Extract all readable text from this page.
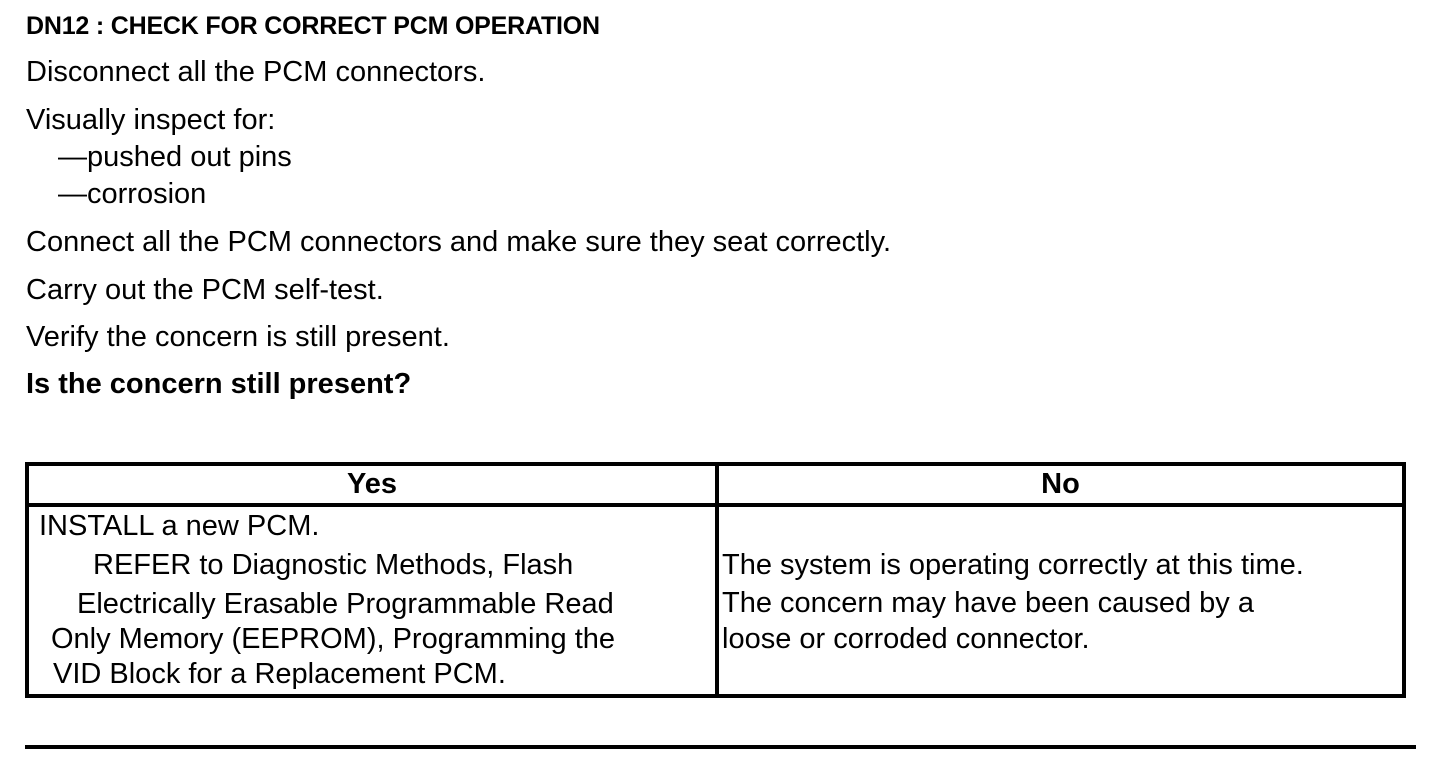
DN12 : CHECK FOR CORRECT PCM OPERATION
Disconnect all the PCM connectors.
Visually inspect for:
—pushed out pins
—corrosion
Connect all the PCM connectors and make sure they seat correctly.
Carry out the PCM self-test.
Verify the concern is still present.
Is the concern still present?
Yes	No
INSTALL a new PCM.
REFER to Diagnostic Methods, Flash
Electrically Erasable Programmable Read
Only Memory (EEPROM), Programming the
VID Block for a Replacement PCM.
The system is operating correctly at this time.
The concern may have been caused by a
loose or corroded connector.
